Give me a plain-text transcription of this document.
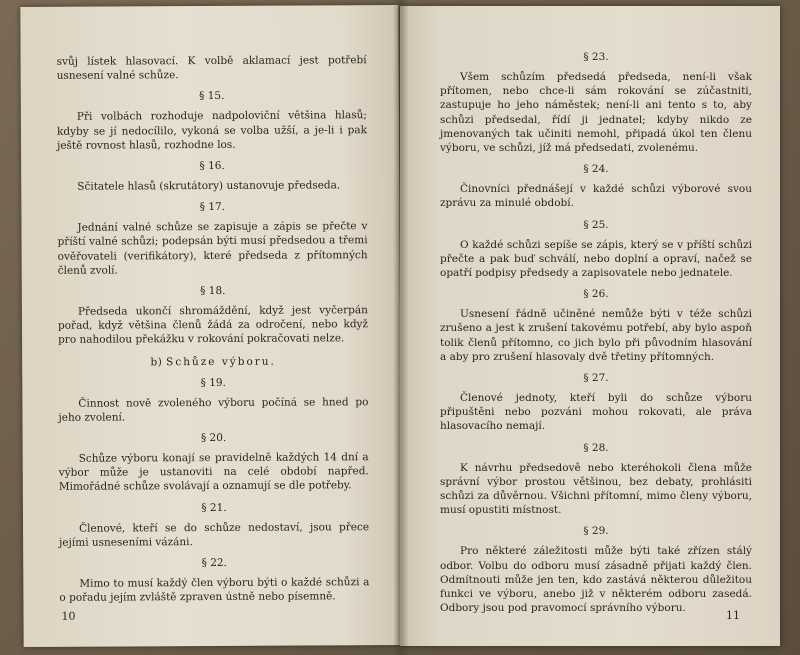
svůj lístek hlasovací. K volbě aklamací jest potřebí usnesení valné schůze.

§ 15.

Při volbách rozhoduje nadpoloviční většina hlasů; kdyby se jí nedocílilo, vykoná se volba užší, a je-li i pak ještě rovnost hlasů, rozhodne los.

§ 16.

Sčitatele hlasů (skrutátory) ustanovuje předseda.

§ 17.

Jednání valné schůze se zapisuje a zápis se přečte v příští valné schůzi; podepsán býti musí předsedou a třemi ověřovateli (verifikátory), které předseda z přítomných členů zvolí.

§ 18.

Předseda ukončí shromáždění, když jest vyčerpán pořad, když většina členů žádá za odročení, nebo když pro nahodilou překážku v rokování pokračovati nelze.

b) Schůze výboru.
§ 19.

Činnost nově zvoleného výboru počíná se hned po jeho zvolení.

§ 20.

Schůze výboru konají se pravidelně každých 14 dní a výbor může je ustanoviti na celé období napřed. Mimořádné schůze svolávají a oznamují se dle potřeby.

§ 21.

Členové, kteří se do schůze nedostaví, jsou přece jejími usneseními vázáni.

§ 22.

Mimo to musí každý člen výboru býti o každé schůzi a o pořadu jejím zvláště zpraven ústně nebo písemně.

10
§ 23.

Všem schůzím předsedá předseda, není-li však přítomen, nebo chce-li sám rokování se zúčastniti, zastupuje ho jeho náměstek; není-li ani tento s to, aby schůzi předsedal, řídí ji jednatel; kdyby nikdo ze jmenovaných tak učiniti nemohl, připadá úkol ten členu výboru, ve schůzi, jíž má předsedati, zvolenému.

§ 24.

Činovníci přednášejí v každé schůzi výborové svou zprávu za minulé období.

§ 25.

O každé schůzi sepíše se zápis, který se v příští schůzi přečte a pak buď schválí, nebo doplní a opraví, načež se opatří podpisy předsedy a zapisovatele nebo jednatele.

§ 26.

Usnesení řádně učiněné nemůže býti v téže schůzi zrušeno a jest k zrušení takovému potřebí, aby bylo aspoň tolik členů přítomno, co jich bylo při původním hlasování a aby pro zrušení hlasovaly dvě třetiny přítomných.

§ 27.

Členové jednoty, kteří byli do schůze výboru připuštěni nebo pozváni mohou rokovati, ale práva hlasovacího nemají.

§ 28.

K návrhu předsedově nebo kteréhokoli člena může správní výbor prostou většinou, bez debaty, prohlásiti schůzi za důvěrnou. Všichni přítomní, mimo členy výboru, musí opustiti místnost.

§ 29.

Pro některé záležitosti může býti také zřízen stálý odbor. Volbu do odboru musí zásadně přijati každý člen. Odmítnouti může jen ten, kdo zastává některou důležitou funkci ve výboru, anebo již v některém odboru zasedá. Odbory jsou pod pravomocí správního výboru.

11
